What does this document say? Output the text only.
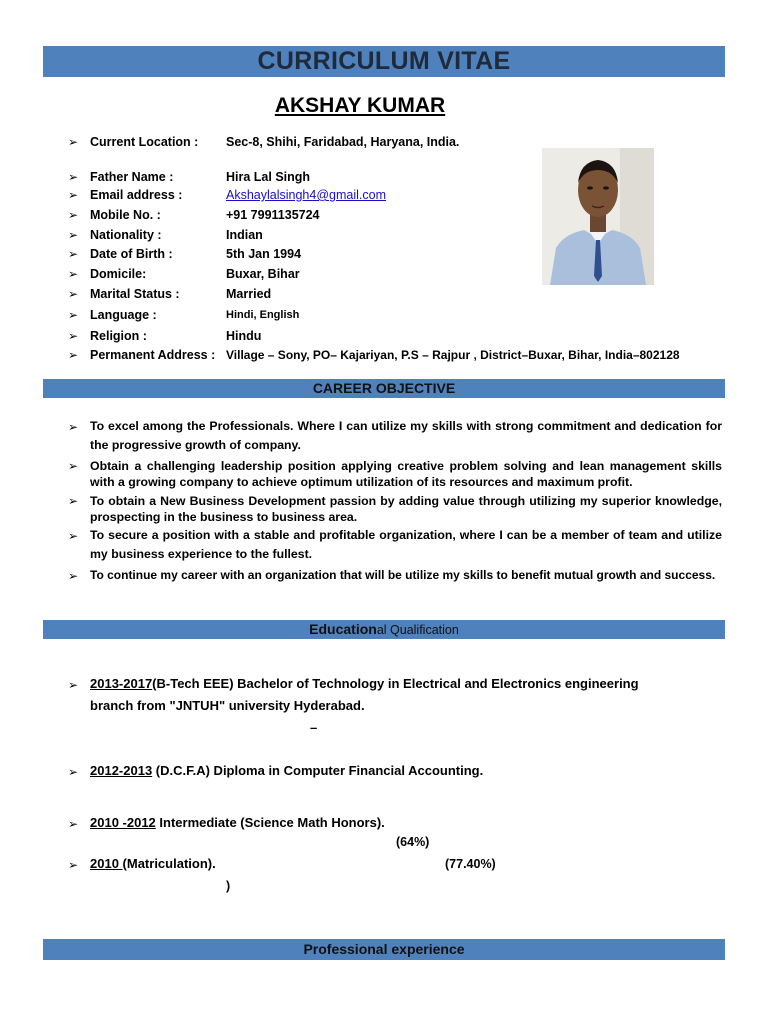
CURRICULUM VITAE
AKSHAY KUMAR
➢ Current Location : Sec-8, Shihi, Faridabad, Haryana, India.
➢ Father Name :	Hira Lal Singh
➢ Email address :	Akshaylalsingh4@gmail.com
➢ Mobile No. :	+91 7991135724
➢ Nationality :	Indian
➢ Date of Birth :	5th Jan 1994
➢ Domicile:	Buxar, Bihar
➢ Marital Status :	Married
➢ Language :	Hindi, English
➢ Religion :	Hindu
➢ Permanent Address : Village – Sony, PO– Kajariyan, P.S – Rajpur , District–Buxar, Bihar, India–802128
CAREER OBJECTIVE
➢ To excel among the Professionals. Where I can utilize my skills with strong commitment and dedication for the progressive growth of company.
➢ Obtain a challenging leadership position applying creative problem solving and lean management skills with a growing company to achieve optimum utilization of its resources and maximum profit.
➢ To obtain a New Business Development passion by adding value through utilizing my superior knowledge, prospecting in the business to business area.
➢ To secure a position with a stable and profitable organization, where I can be a member of team and utilize my business experience to the fullest.
➢ To continue my career with an organization that will be utilize my skills to benefit mutual growth and success.
Educational Qualification
➢ 2013-2017(B-Tech EEE) Bachelor of Technology in Electrical and Electronics engineering
branch from "JNTUH" university Hyderabad.
–
➢ 2012-2013 (D.C.F.A) Diploma in Computer Financial Accounting.
➢ 2010 -2012 Intermediate (Science Math Honors).
(64%)
➢ 2010 (Matriculation).	(77.40%)
)
Professional experience
